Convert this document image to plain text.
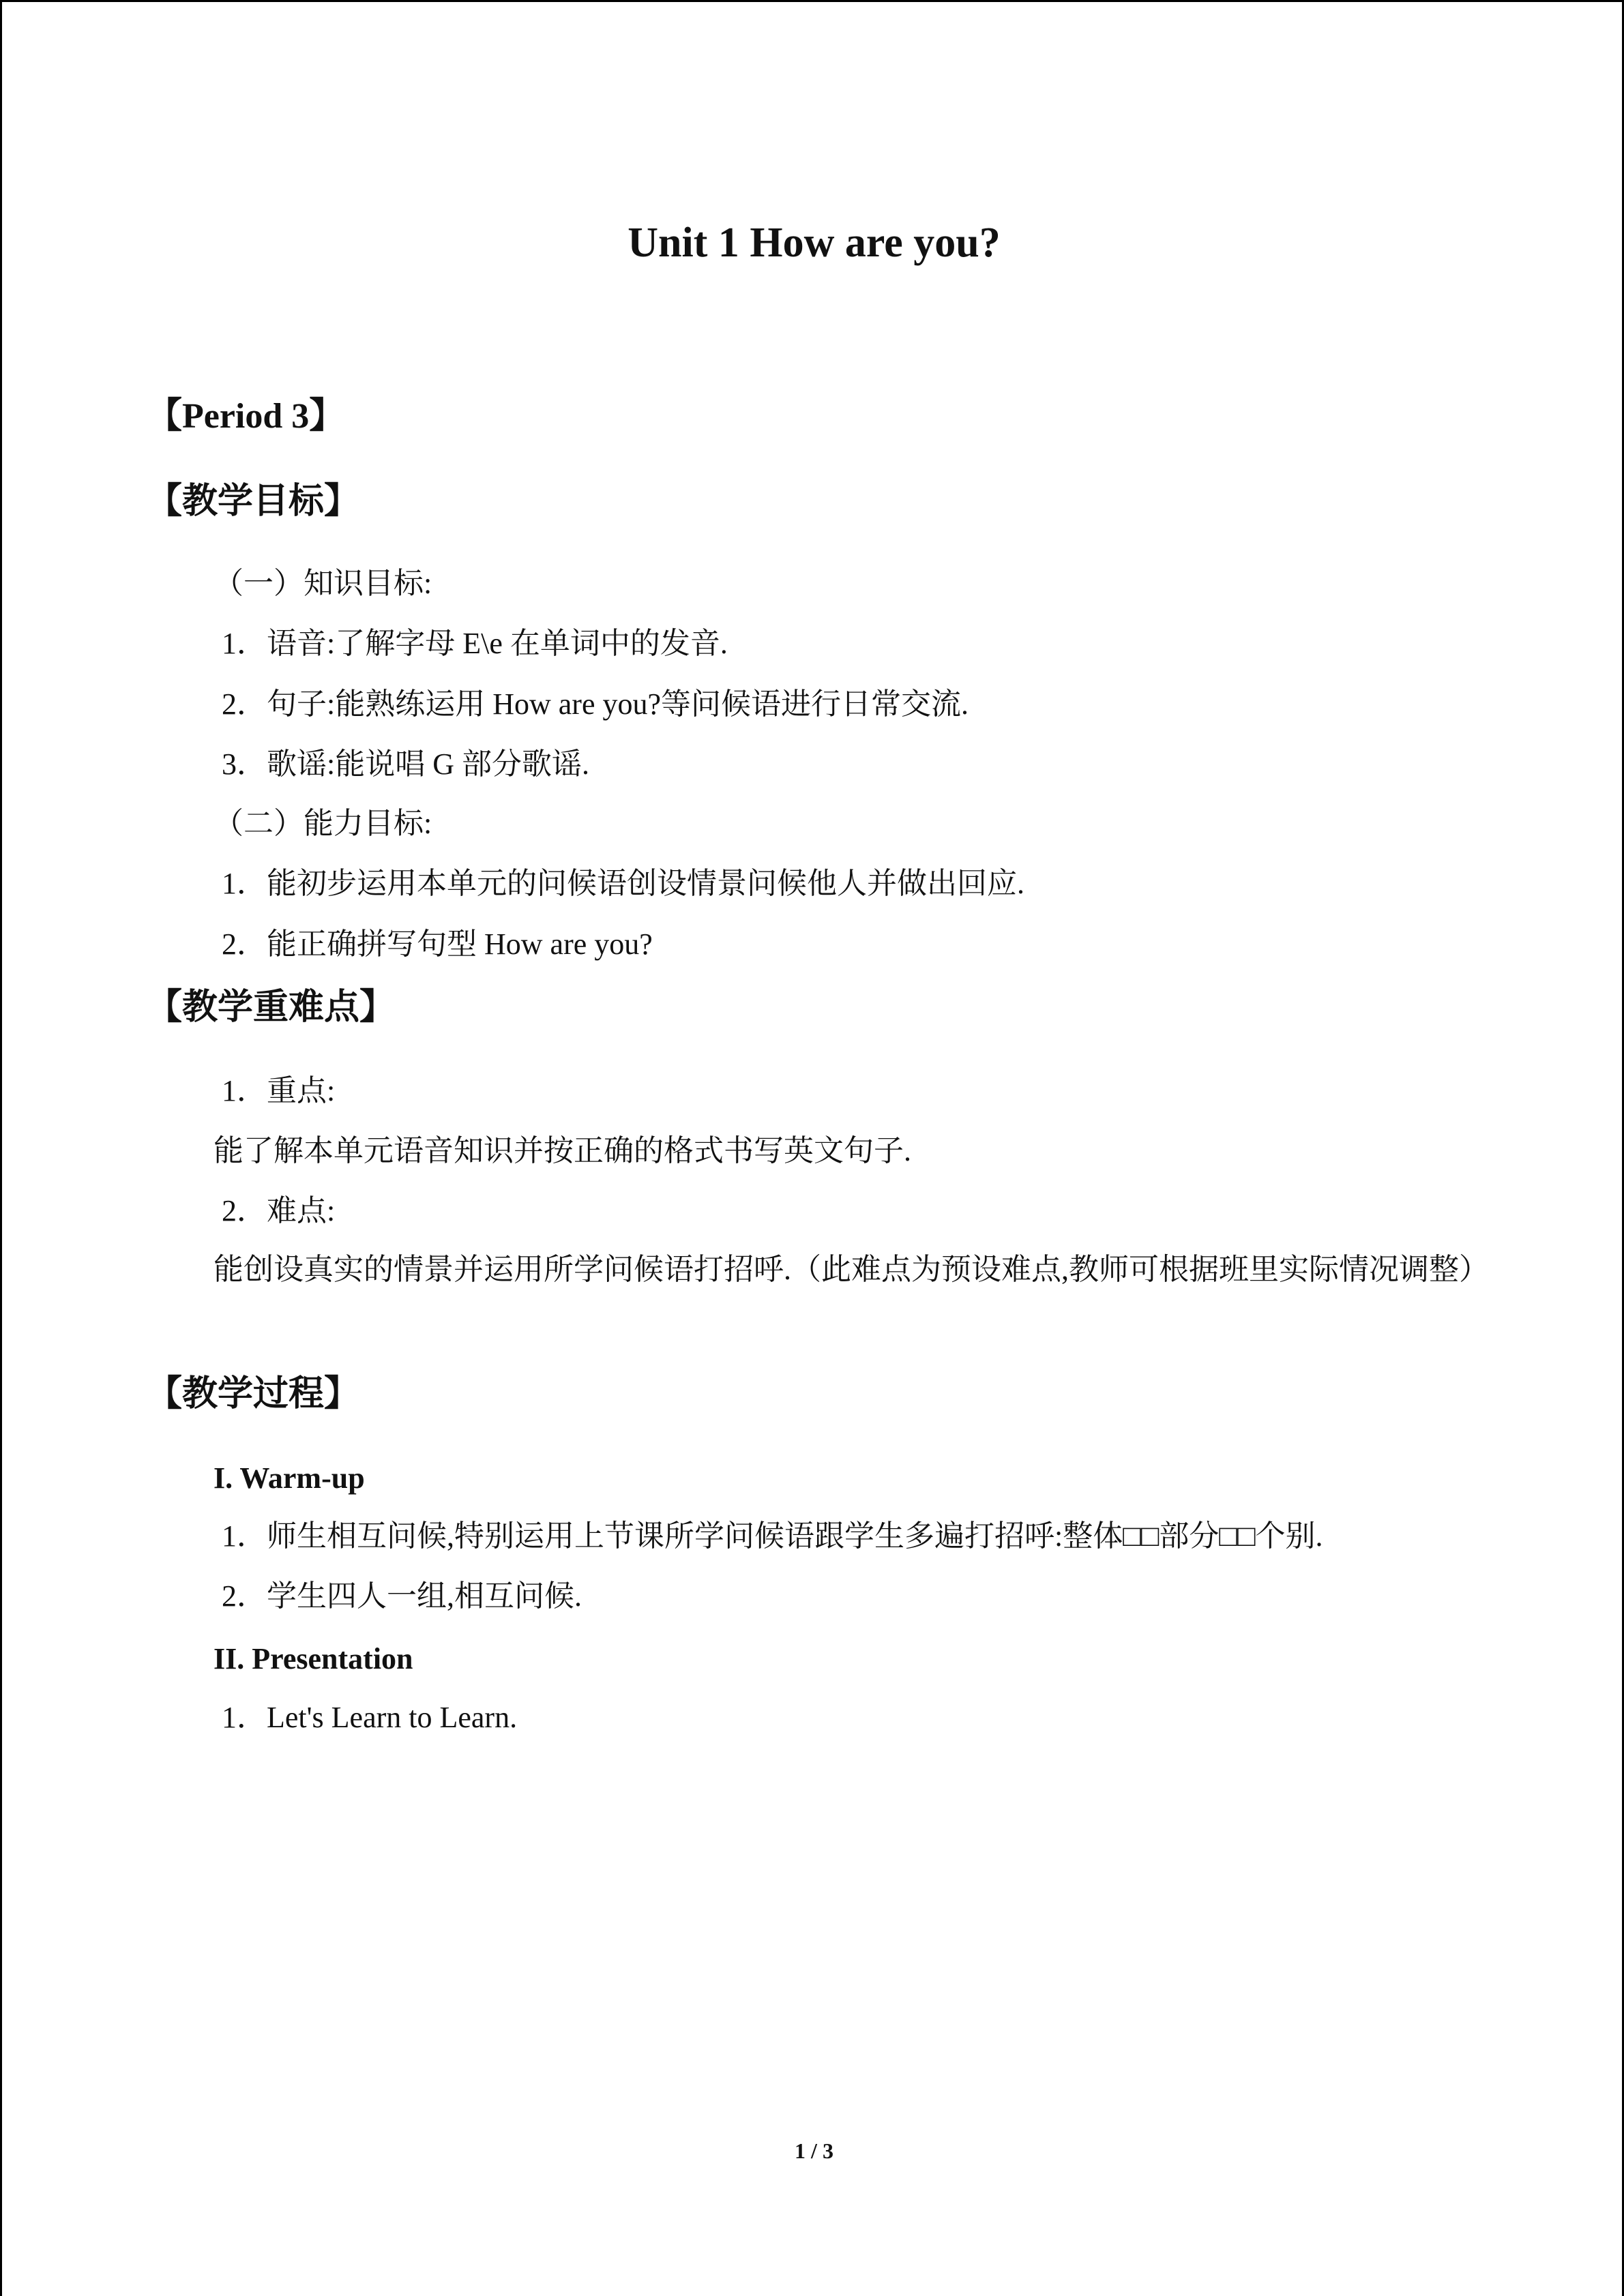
Unit 1 How are you?
【Period 3】
【教学目标】
（一）知识目标:
1．语音:了解字母 E\e 在单词中的发音.
2．句子:能熟练运用 How are you?等问候语进行日常交流.
3．歌谣:能说唱 G 部分歌谣.
（二）能力目标:
1．能初步运用本单元的问候语创设情景问候他人并做出回应.
2．能正确拼写句型 How are you?
【教学重难点】
1．重点:
能了解本单元语音知识并按正确的格式书写英文句子.
2．难点:
能创设真实的情景并运用所学问候语打招呼.（此难点为预设难点,教师可根据班里实际情况调整）
【教学过程】
I. Warm-up
1．师生相互问候,特别运用上节课所学问候语跟学生多遍打招呼:整体□□部分□□个别.
2．学生四人一组,相互问候.
II. Presentation
1．Let's Learn to Learn.
1 / 3
